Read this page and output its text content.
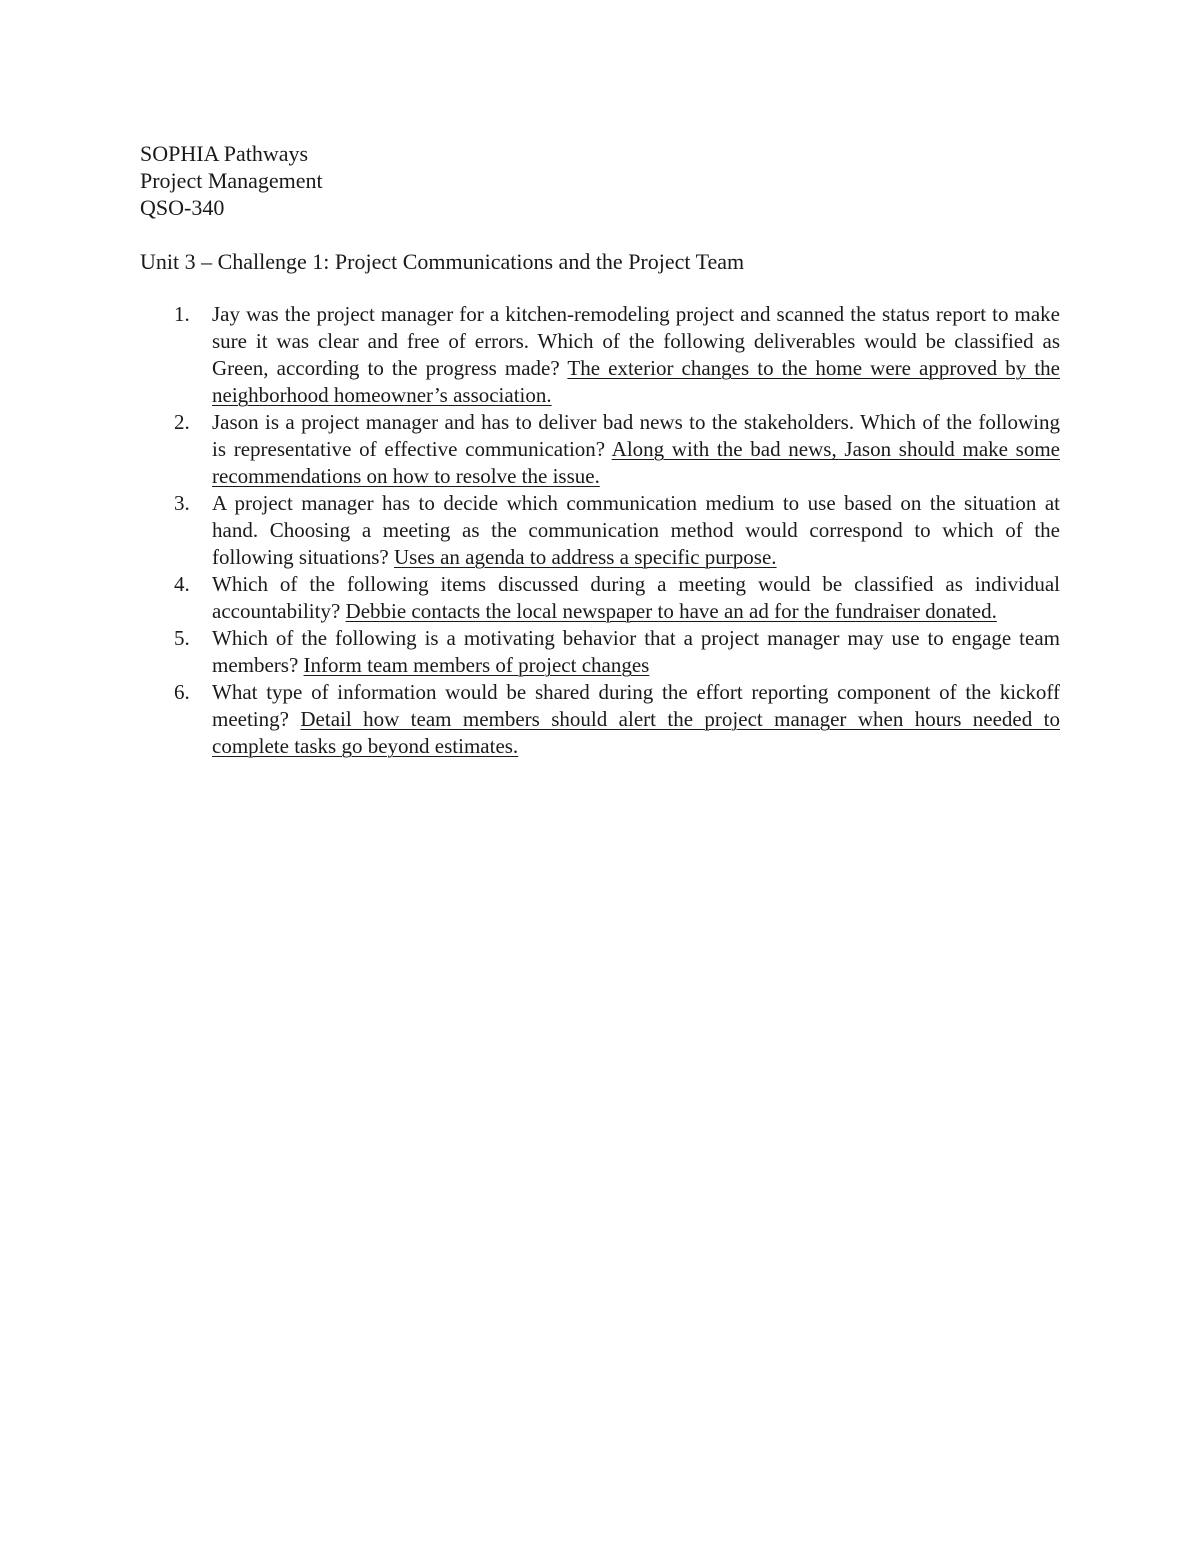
SOPHIA Pathways

Project Management

QSO-340

Unit 3 – Challenge 1: Project Communications and the Project Team

1. Jay was the project manager for a kitchen-remodeling project and scanned the status report to make sure it was clear and free of errors. Which of the following deliverables would be classified as Green, according to the progress made? The exterior changes to the home were approved by the neighborhood homeowner’s association.
2. Jason is a project manager and has to deliver bad news to the stakeholders. Which of the following is representative of effective communication? Along with the bad news, Jason should make some recommendations on how to resolve the issue.
3. A project manager has to decide which communication medium to use based on the situation at hand. Choosing a meeting as the communication method would correspond to which of the following situations? Uses an agenda to address a specific purpose.
4. Which of the following items discussed during a meeting would be classified as individual accountability? Debbie contacts the local newspaper to have an ad for the fundraiser donated.
5. Which of the following is a motivating behavior that a project manager may use to engage team members? Inform team members of project changes
6. What type of information would be shared during the effort reporting component of the kickoff meeting? Detail how team members should alert the project manager when hours needed to complete tasks go beyond estimates.
